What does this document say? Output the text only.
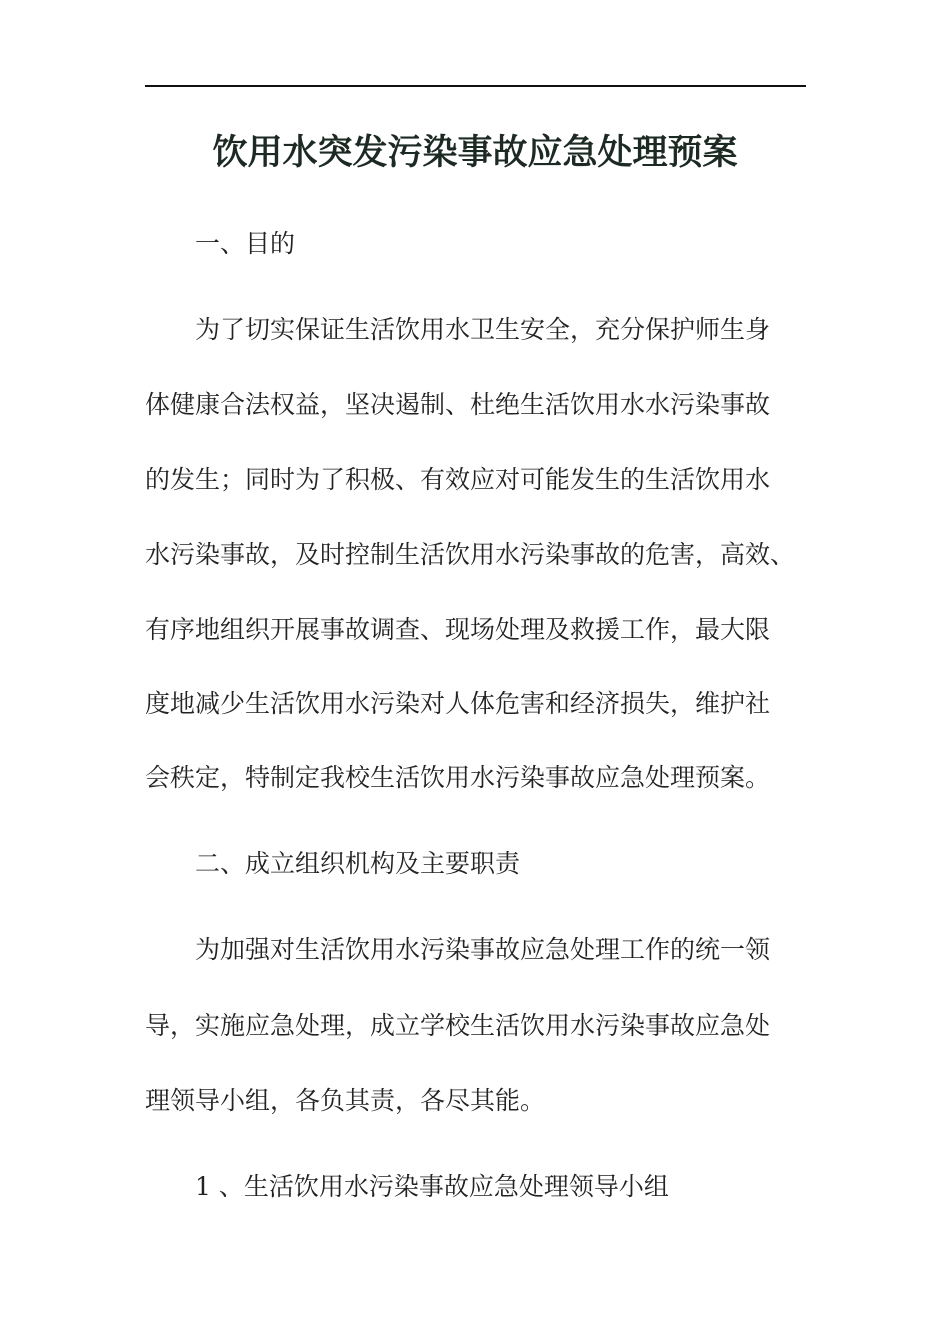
饮用水突发污染事故应急处理预案

一、目的

为了切实保证生活饮用水卫生安全，充分保护师生身

体健康合法权益，坚决遏制、杜绝生活饮用水水污染事故

的发生；同时为了积极、有效应对可能发生的生活饮用水

水污染事故，及时控制生活饮用水污染事故的危害，高效、

有序地组织开展事故调查、现场处理及救援工作，最大限

度地减少生活饮用水污染对人体危害和经济损失，维护社

会秩定，特制定我校生活饮用水污染事故应急处理预案。

二、成立组织机构及主要职责

为加强对生活饮用水污染事故应急处理工作的统一领

导，实施应急处理，成立学校生活饮用水污染事故应急处

理领导小组，各负其责，各尽其能。

1 、生活饮用水污染事故应急处理领导小组
